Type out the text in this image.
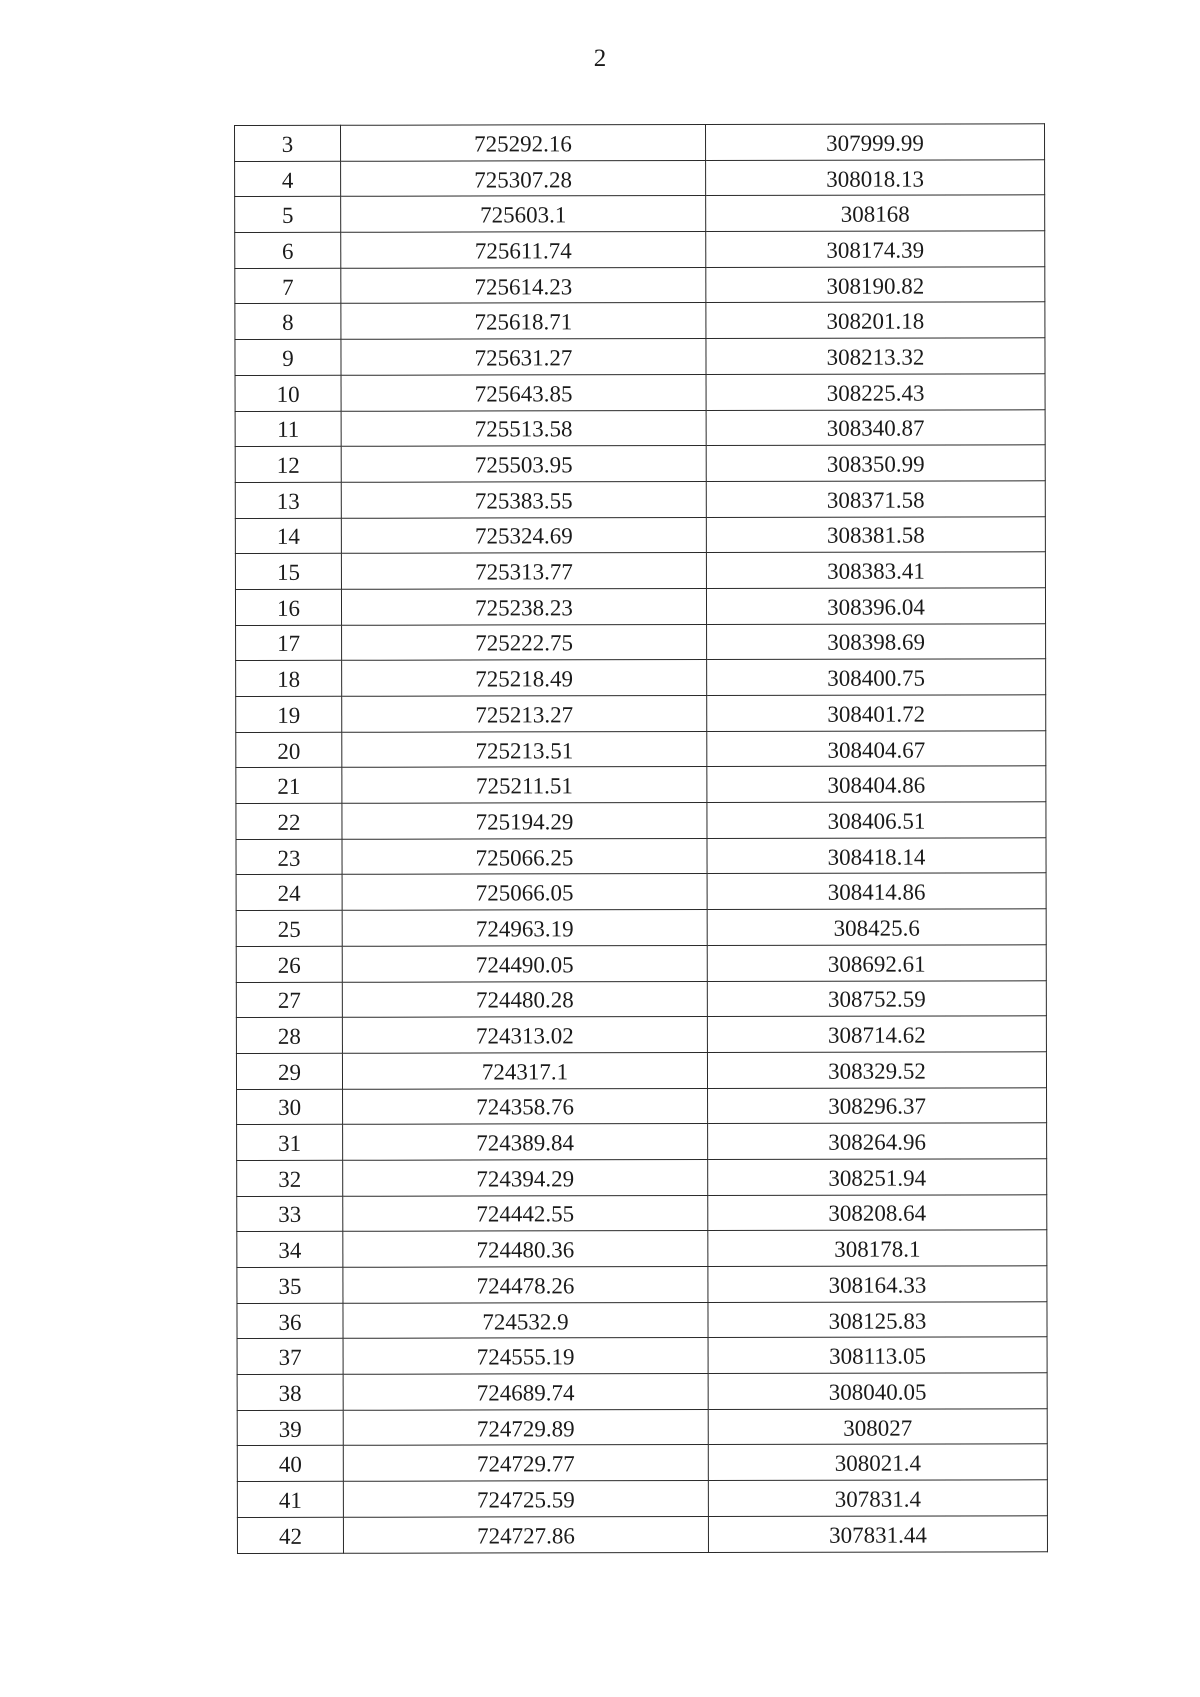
2
3	725292.16	307999.99
4	725307.28	308018.13
5	725603.1	308168
6	725611.74	308174.39
7	725614.23	308190.82
8	725618.71	308201.18
9	725631.27	308213.32
10	725643.85	308225.43
11	725513.58	308340.87
12	725503.95	308350.99
13	725383.55	308371.58
14	725324.69	308381.58
15	725313.77	308383.41
16	725238.23	308396.04
17	725222.75	308398.69
18	725218.49	308400.75
19	725213.27	308401.72
20	725213.51	308404.67
21	725211.51	308404.86
22	725194.29	308406.51
23	725066.25	308418.14
24	725066.05	308414.86
25	724963.19	308425.6
26	724490.05	308692.61
27	724480.28	308752.59
28	724313.02	308714.62
29	724317.1	308329.52
30	724358.76	308296.37
31	724389.84	308264.96
32	724394.29	308251.94
33	724442.55	308208.64
34	724480.36	308178.1
35	724478.26	308164.33
36	724532.9	308125.83
37	724555.19	308113.05
38	724689.74	308040.05
39	724729.89	308027
40	724729.77	308021.4
41	724725.59	307831.4
42	724727.86	307831.44
